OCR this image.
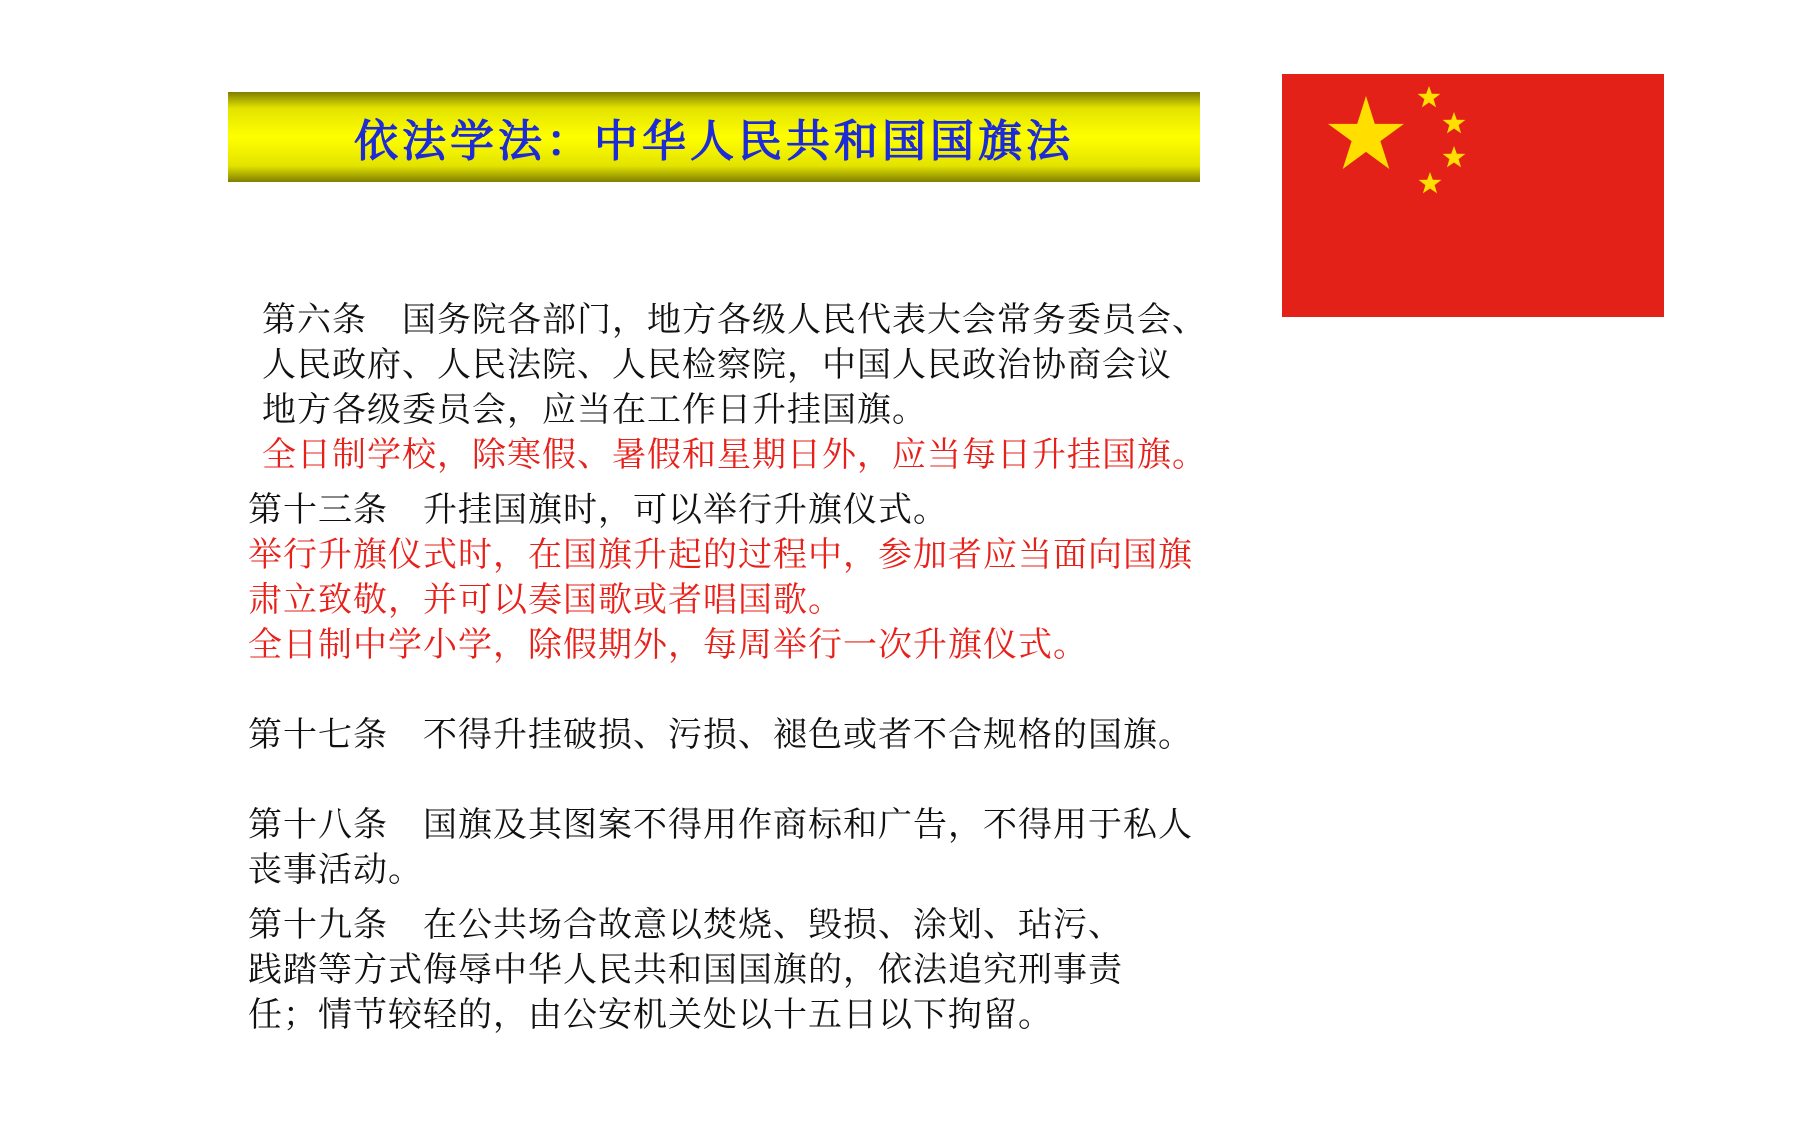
依法学法：中华人民共和国国旗法
第六条　国务院各部门，地方各级人民代表大会常务委员会、
人民政府、人民法院、人民检察院，中国人民政治协商会议
地方各级委员会，应当在工作日升挂国旗。
全日制学校，除寒假、暑假和星期日外，应当每日升挂国旗。
第十三条　升挂国旗时，可以举行升旗仪式。
举行升旗仪式时，在国旗升起的过程中，参加者应当面向国旗
肃立致敬，并可以奏国歌或者唱国歌。
全日制中学小学，除假期外，每周举行一次升旗仪式。
第十七条　不得升挂破损、污损、褪色或者不合规格的国旗。
第十八条　国旗及其图案不得用作商标和广告，不得用于私人
丧事活动。
第十九条　在公共场合故意以焚烧、毁损、涂划、玷污、
践踏等方式侮辱中华人民共和国国旗的，依法追究刑事责
任；情节较轻的，由公安机关处以十五日以下拘留。
